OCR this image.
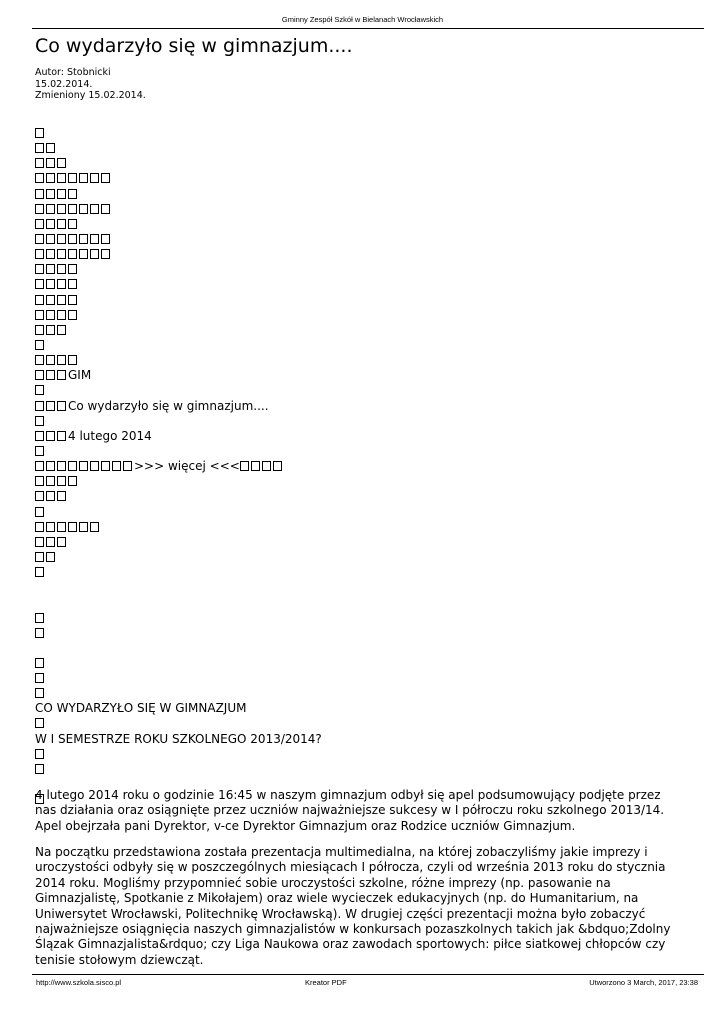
Gminny Zespół Szkół w Bielanach Wrocławskich
Co wydarzyło się w gimnazjum....
Autor: Stobnicki
15.02.2014.
Zmieniony 15.02.2014.
GIM
Co wydarzyło się w gimnazjum....
4 lutego 2014
>>> więcej <<<
CO WYDARZYŁO SIĘ W GIMNAZJUM
W I SEMESTRZE ROKU SZKOLNEGO 2013/2014?

4 lutego 2014 roku o godzinie 16:45 w naszym gimnazjum odbył się apel podsumowujący podjęte przez nas działania oraz osiągnięte przez uczniów najważniejsze sukcesy w I półroczu roku szkolnego 2013/14. Apel obejrzała pani Dyrektor, v-ce Dyrektor Gimnazjum oraz Rodzice uczniów Gimnazjum.

Na początku przedstawiona została prezentacja multimedialna, na której zobaczyliśmy jakie imprezy i uroczystości odbyły się w poszczególnych miesiącach I półrocza, czyli od września 2013 roku do stycznia 2014 roku. Mogliśmy przypomnieć sobie uroczystości szkolne, różne imprezy (np. pasowanie na Gimnazjalistę, Spotkanie z Mikołajem) oraz wiele wycieczek edukacyjnych (np. do Humanitarium, na Uniwersytet Wrocławski, Politechnikę Wrocławską). W drugiej części prezentacji można było zobaczyć najważniejsze osiągnięcia naszych gimnazjalistów w konkursach pozaszkolnych takich jak &bdquo;Zdolny Ślązak Gimnazjalista&rdquo; czy Liga Naukowa oraz zawodach sportowych: piłce siatkowej chłopców czy tenisie stołowym dziewcząt.

http://www.szkola.sisco.pl	Kreator PDF	Utworzono 3 March, 2017, 23:38
